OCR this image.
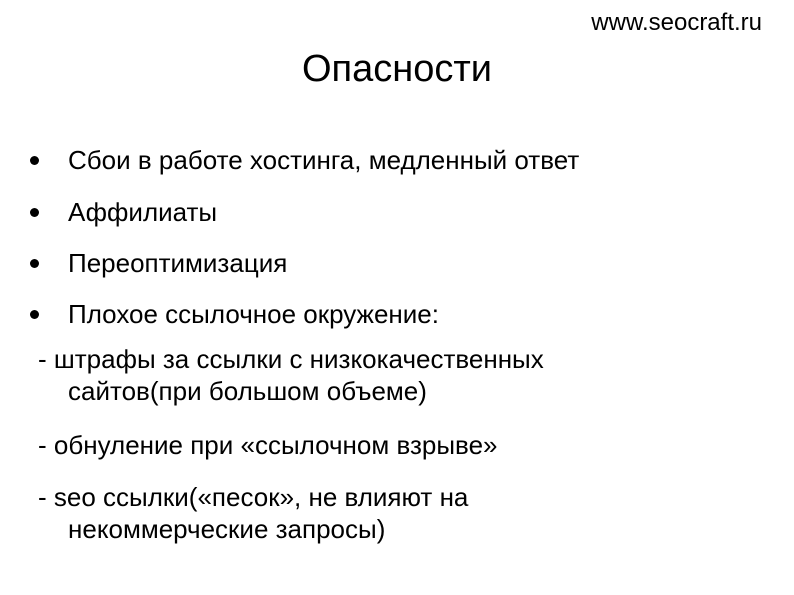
www.seocraft.ru
Опасности
Сбои в работе хостинга, медленный ответ
Аффилиаты
Переоптимизация
Плохое ссылочное окружение:
- штрафы за ссылки с низкокачественных
сайтов(при большом объеме)
- обнуление при «ссылочном взрыве»
- seo ссылки(«песок», не влияют на
некоммерческие запросы)
